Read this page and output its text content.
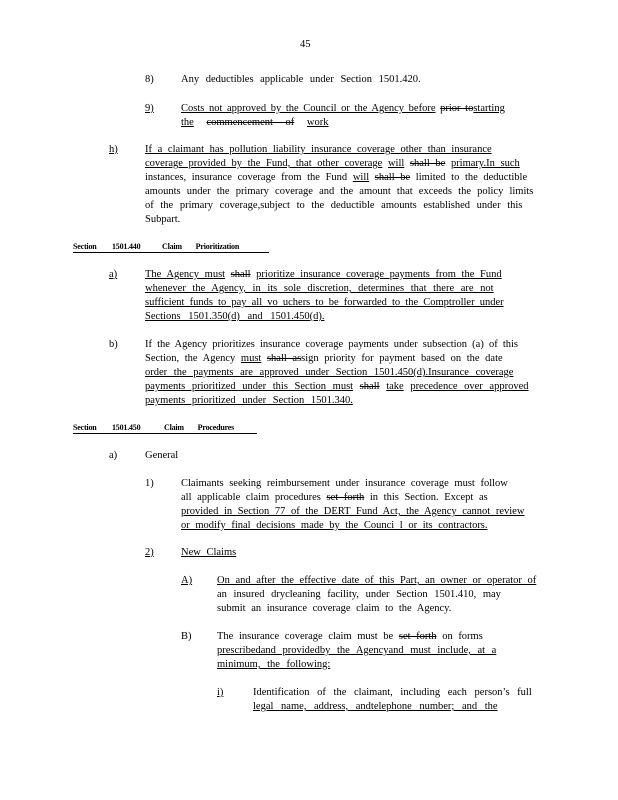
45
8)	Any deductibles applicable under Section 1501.420.
9)	Costs not approved by the Council or the Agency before prior tostarting
the commencement of work
h)	If a claimant has pollution liability insurance coverage other than insurance
coverage provided by the Fund, that other coverage will shall be primary.In such
instances, insurance coverage from the Fund will shall be limited to the deductible
amounts under the primary coverage and the amount that exceeds the policy limits
of the primary coverage,subject to the deductible amounts established under this
Subpart.
Section 1501.440	Claim Prioritization
a)	The Agency must shall prioritize insurance coverage payments from the Fund
whenever the Agency, in its sole discretion, determines that there are not
sufficient funds to pay all vo uchers to be forwarded to the Comptroller under
Sections 1501.350(d) and 1501.450(d).
b)	If the Agency prioritizes insurance coverage payments under subsection (a) of this
Section, the Agency must shall assign priority for payment based on the date
order the payments are approved under Section 1501.450(d).Insurance coverage
payments prioritized under this Section must shall take precedence over approved
payments prioritized under Section 1501.340.
Section 1501.450	Claim Procedures
a)	General
1)	Claimants seeking reimbursement under insurance coverage must follow
all applicable claim procedures set forth in this Section. Except as
provided in Section 77 of the DERT Fund Act, the Agency cannot review
or modify final decisions made by the Counci l or its contractors.
2)	New Claims
A) On and after the effective date of this Part, an owner or operator of
an insured drycleaning facility, under Section 1501.410, may
submit an insurance coverage claim to the Agency.
B) The insurance coverage claim must be set forth on forms
prescribedand providedby the Agencyand must include, at a
minimum, the following:
i)	Identification of the claimant, including each person’s full
legal name, address, andtelephone number; and the
